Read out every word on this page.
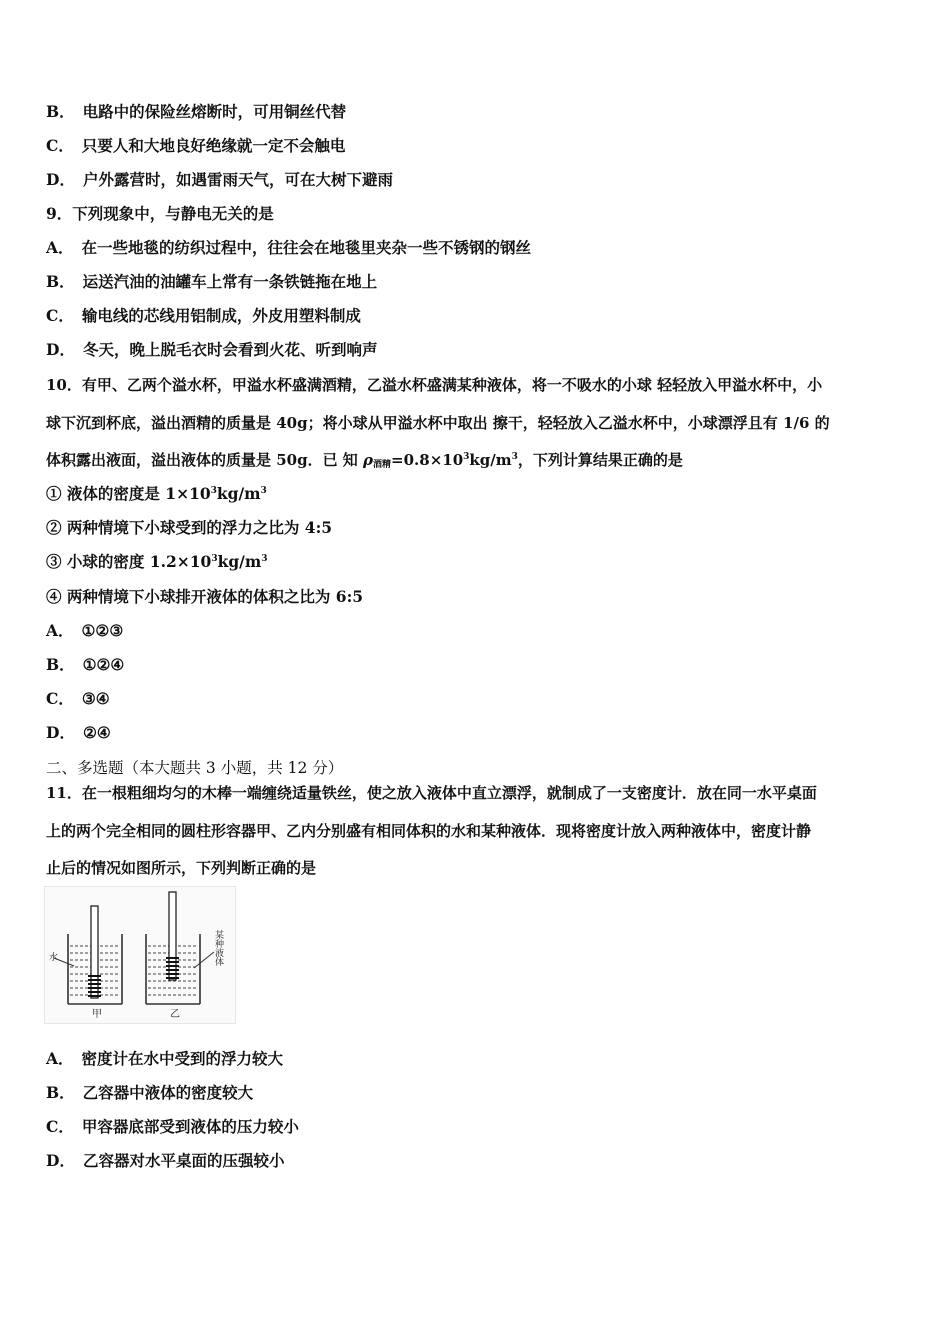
B． 电路中的保险丝熔断时，可用铜丝代替
C． 只要人和大地良好绝缘就一定不会触电
D． 户外露营时，如遇雷雨天气，可在大树下避雨
9．下列现象中，与静电无关的是
A． 在一些地毯的纺织过程中，往往会在地毯里夹杂一些不锈钢的钢丝
B． 运送汽油的油罐车上常有一条铁链拖在地上
C． 输电线的芯线用铝制成，外皮用塑料制成
D． 冬天，晚上脱毛衣时会看到火花、听到响声
10．有甲、乙两个溢水杯，甲溢水杯盛满酒精，乙溢水杯盛满某种液体，将一不吸水的小球 轻轻放入甲溢水杯中，小
球下沉到杯底，溢出酒精的质量是 40g；将小球从甲溢水杯中取出 擦干，轻轻放入乙溢水杯中，小球漂浮且有 1/6 的
体积露出液面，溢出液体的质量是 50g．已 知 $\rho_{酒精}=0.8\times 10^3kg/m^3$，下列计算结果正确的是
① 液体的密度是 $1\times 10^3kg/m^3$
② 两种情境下小球受到的浮力之比为 4:5
③ 小球的密度 $1.2\times 10^3kg/m^3$
④ 两种情境下小球排开液体的体积之比为 6:5
A． ①②③
B． ①②④
C． ③④
D． ②④
二、多选题（本大题共 3 小题，共 12 分）
11．在一根粗细均匀的木棒一端缠绕适量铁丝，使之放入液体中直立漂浮，就制成了一支密度计．放在同一水平桌面
上的两个完全相同的圆柱形容器甲、乙内分别盛有相同体积的水和某种液体．现将密度计放入两种液体中，密度计静
止后的情况如图所示，下列判断正确的是
水
甲
某种液体
乙
A． 密度计在水中受到的浮力较大
B． 乙容器中液体的密度较大
C． 甲容器底部受到液体的压力较小
D． 乙容器对水平桌面的压强较小
